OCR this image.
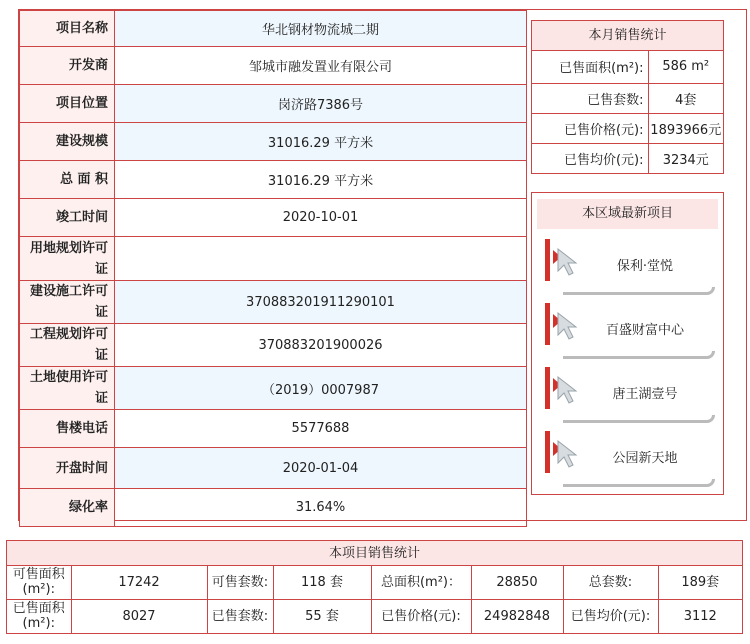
项目名称	华北钢材物流城二期
开发商	邹城市融发置业有限公司
项目位置	岗济路7386号
建设规模	31016.29 平方米
总 面 积	31016.29 平方米
竣工时间	2020-10-01
用地规划许可证	
建设施工许可证	370883201911290101
工程规划许可证	370883201900026
土地使用许可证	（2019）0007987
售楼电话	5577688
开盘时间	2020-01-04
绿化率	31.64%
本月销售统计
已售面积(m²):	586 m²
已售套数:	4套
已售价格(元):	1893966元
已售均价(元):	3234元
本区域最新项目
保利·堂悦
百盛财富中心
唐王湖壹号
公园新天地
本项目销售统计
可售面积(m²):	17242	可售套数:	118 套	总面积(m²)：	28850	总套数:	189套
已售面积(m²):	8027	已售套数:	55 套	已售价格(元):	24982848	已售均价(元):	3112
